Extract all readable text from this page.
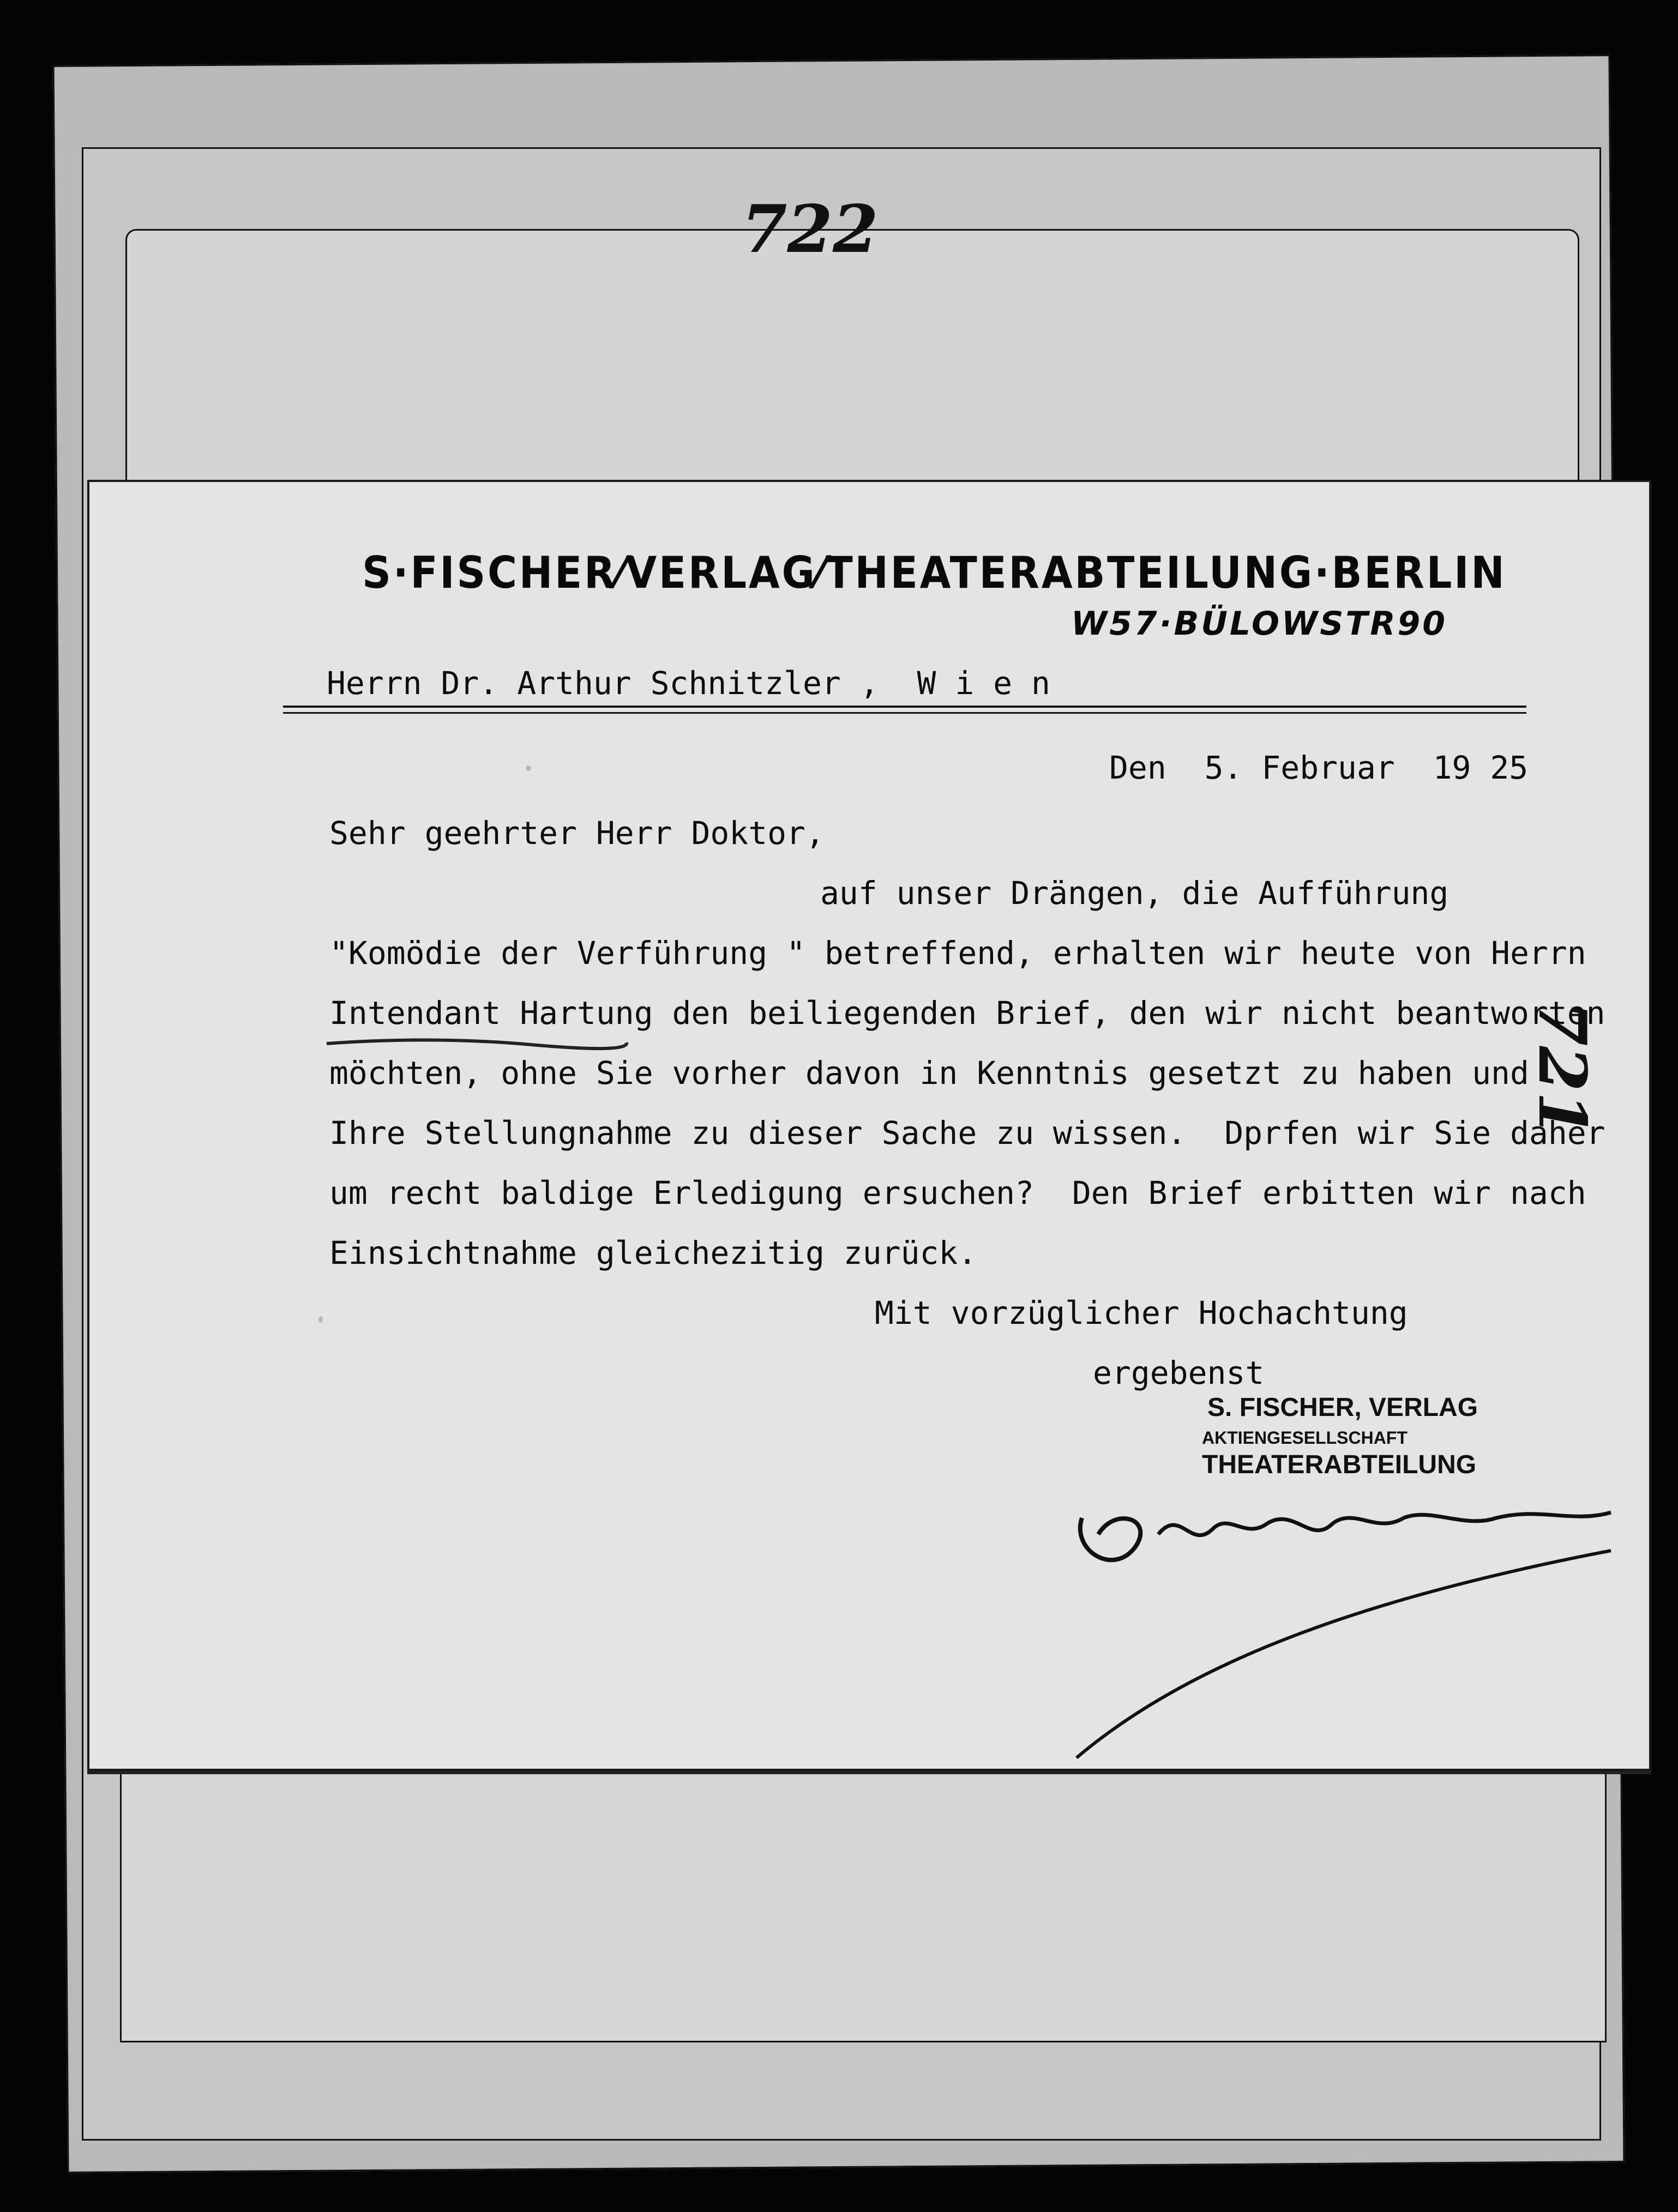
722
S·FISCHER⁄VERLAG⁄THEATERABTEILUNG·BERLIN
W57·BÜLOWSTR90
Herrn Dr. Arthur Schnitzler ,  W i e n
Den  5. Februar  19 25
Sehr geehrter Herr Doktor,
auf unser Drängen, die Aufführung
"Komödie der Verführung " betreffend, erhalten wir heute von Herrn
Intendant Hartung den beiliegenden Brief, den wir nicht beantworten
möchten, ohne Sie vorher davon in Kenntnis gesetzt zu haben und
Ihre Stellungnahme zu dieser Sache zu wissen.  Dprfen wir Sie daher
um recht baldige Erledigung ersuchen?  Den Brief erbitten wir nach
Einsichtnahme gleichezitig zurück.
Mit vorzüglicher Hochachtung
ergebenst
S. FISCHER, VERLAG
AKTIENGESELLSCHAFT
THEATERABTEILUNG
721
